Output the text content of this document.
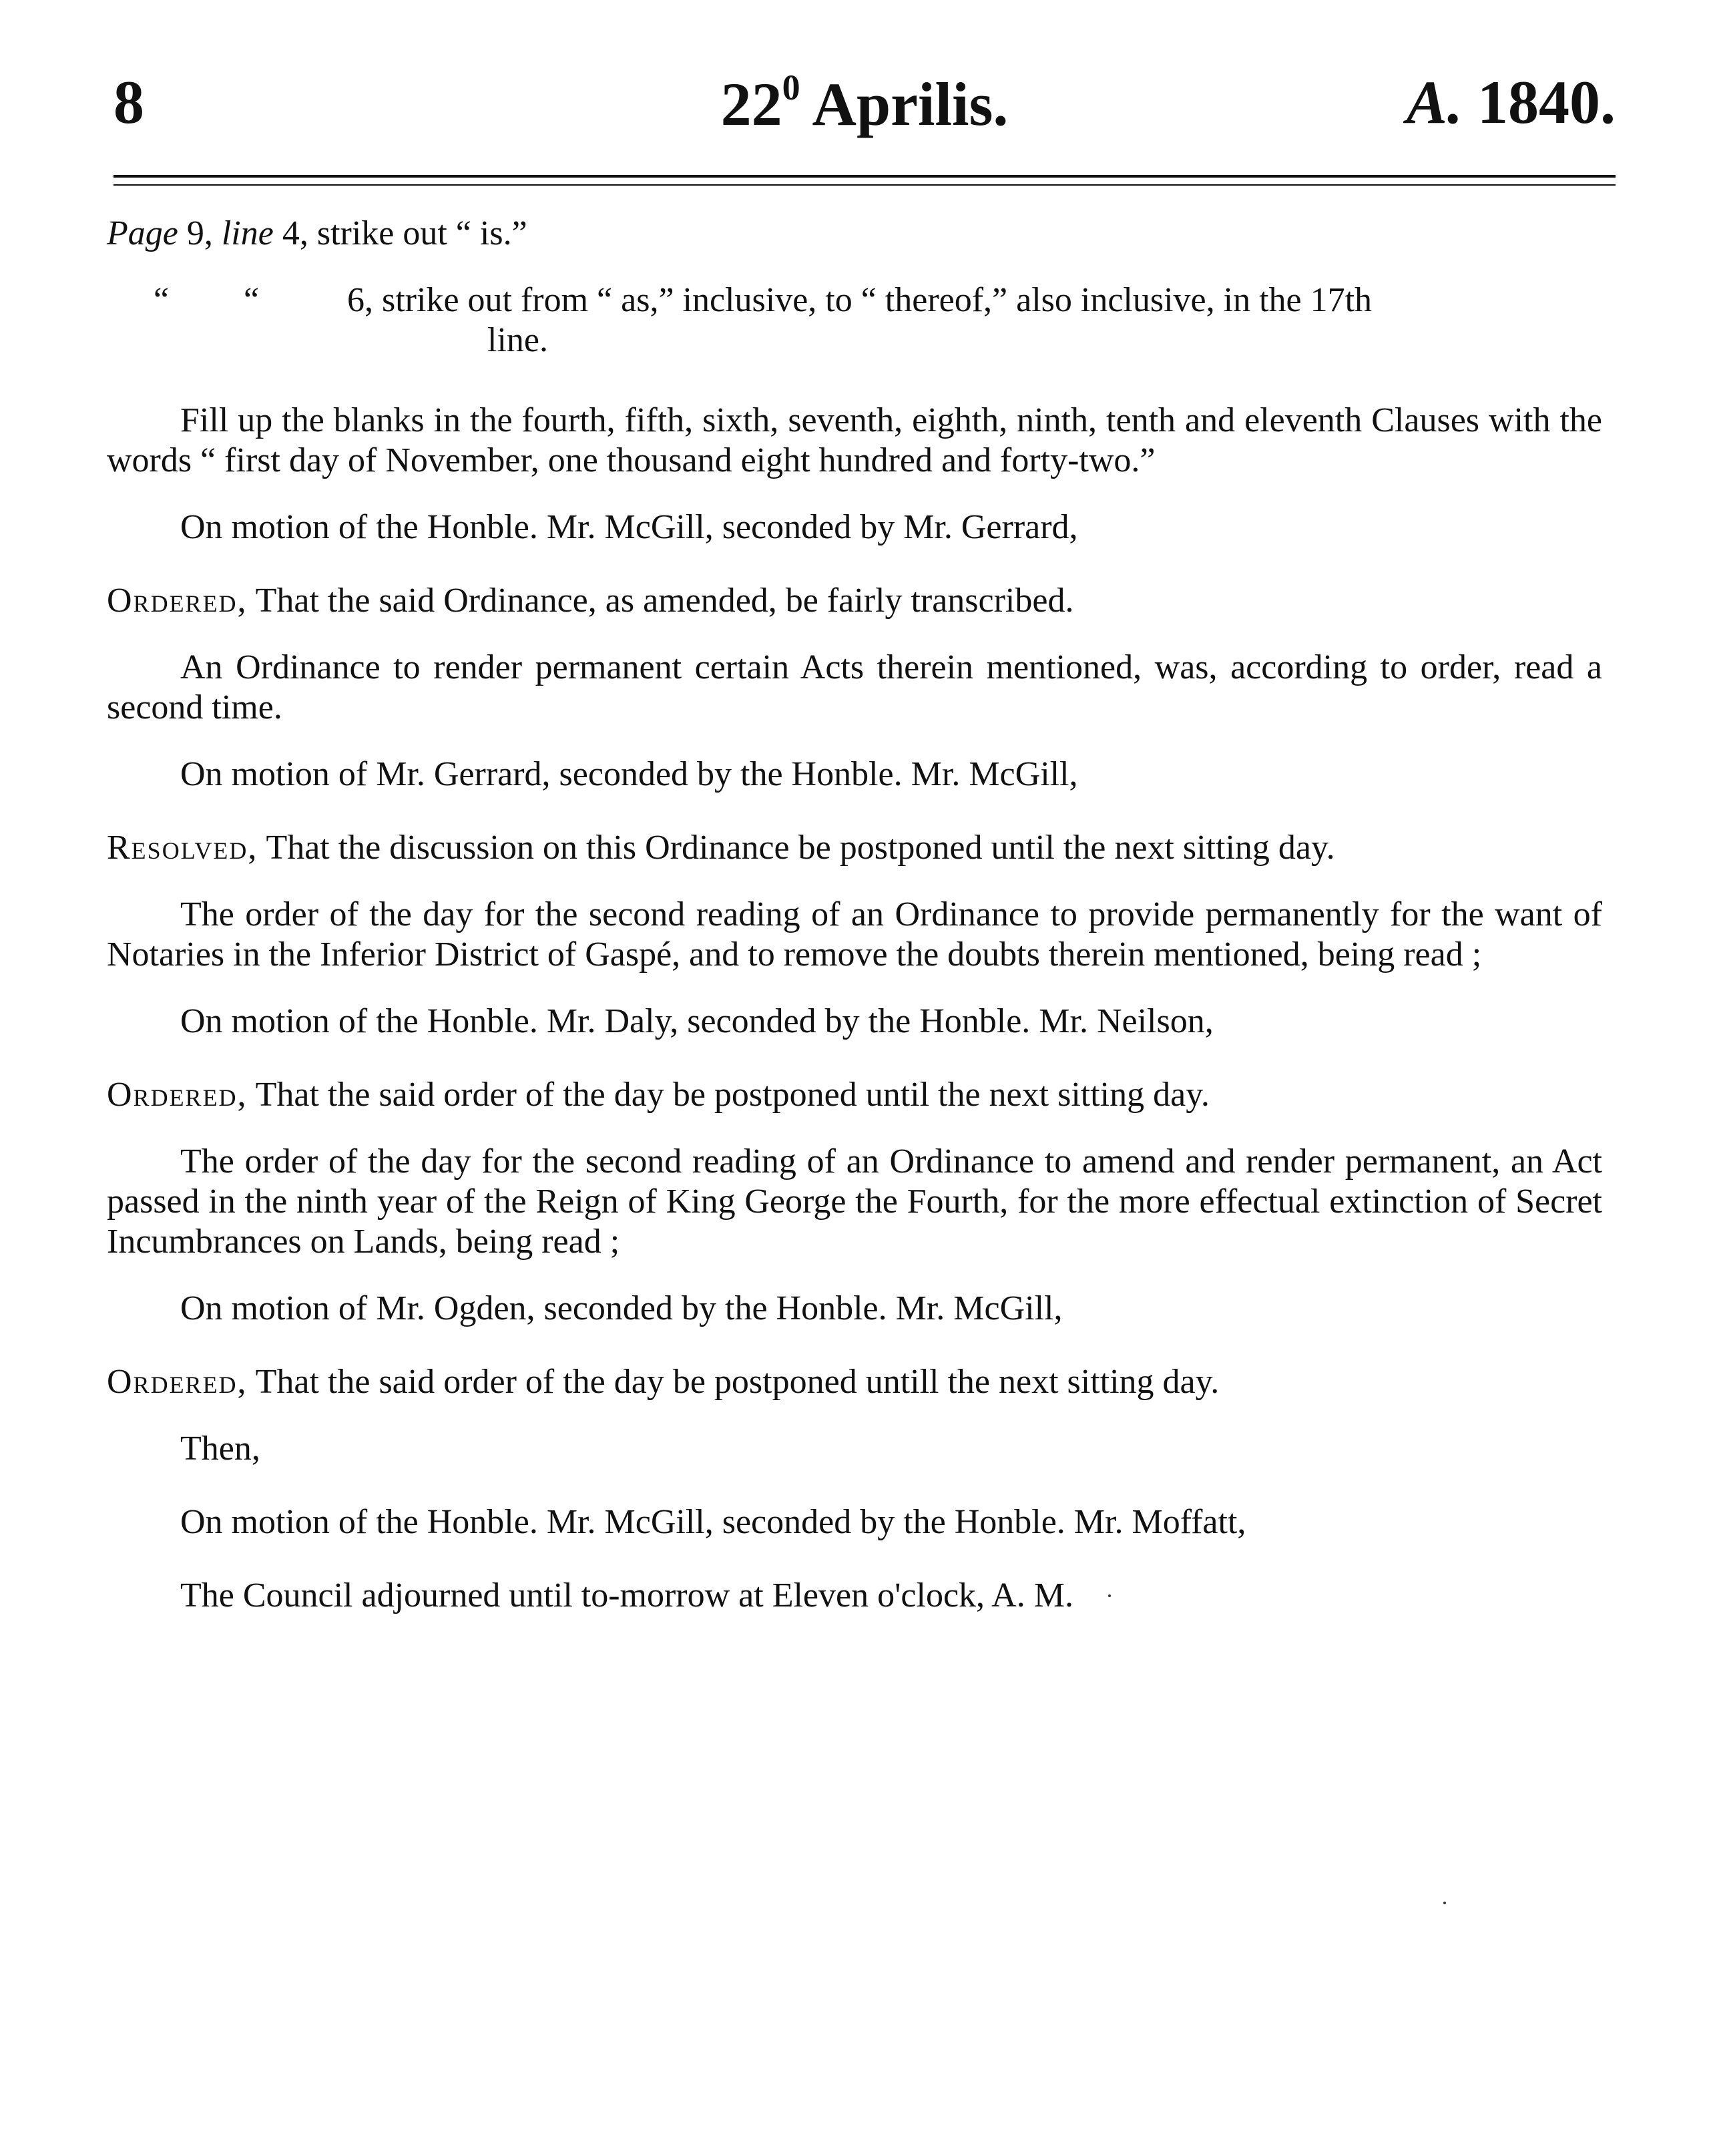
8	$22^0$ Aprilis.	A. 1840.
Page 9, line 4, strike out “ is.”
“ “	6, strike out from “ as,” inclusive, to “ thereof,” also inclusive, in the 17th
line.

Fill up the blanks in the fourth, fifth, sixth, seventh, eighth, ninth, tenth and eleventh Clauses with the words “ first day of November, one thousand eight hundred and forty-two.”

On motion of the Honble. Mr. McGill, seconded by Mr. Gerrard,

Ordered, That the said Ordinance, as amended, be fairly transcribed.

An Ordinance to render permanent certain Acts therein mentioned, was, according to order, read a second time.

On motion of Mr. Gerrard, seconded by the Honble. Mr. McGill,

Resolved, That the discussion on this Ordinance be postponed until the next sitting day.

The order of the day for the second reading of an Ordinance to provide permanently for the want of Notaries in the Inferior District of Gaspé, and to remove the doubts therein mentioned, being read ;

On motion of the Honble. Mr. Daly, seconded by the Honble. Mr. Neilson,

Ordered, That the said order of the day be postponed until the next sitting day.

The order of the day for the second reading of an Ordinance to amend and render permanent, an Act passed in the ninth year of the Reign of King George the Fourth, for the more effectual extinction of Secret Incumbrances on Lands, being read ;

On motion of Mr. Ogden, seconded by the Honble. Mr. McGill,

Ordered, That the said order of the day be postponed untill the next sitting day.

Then,

On motion of the Honble. Mr. McGill, seconded by the Honble. Mr. Moffatt,

The Council adjourned until to-morrow at Eleven o'clock, A. M.
